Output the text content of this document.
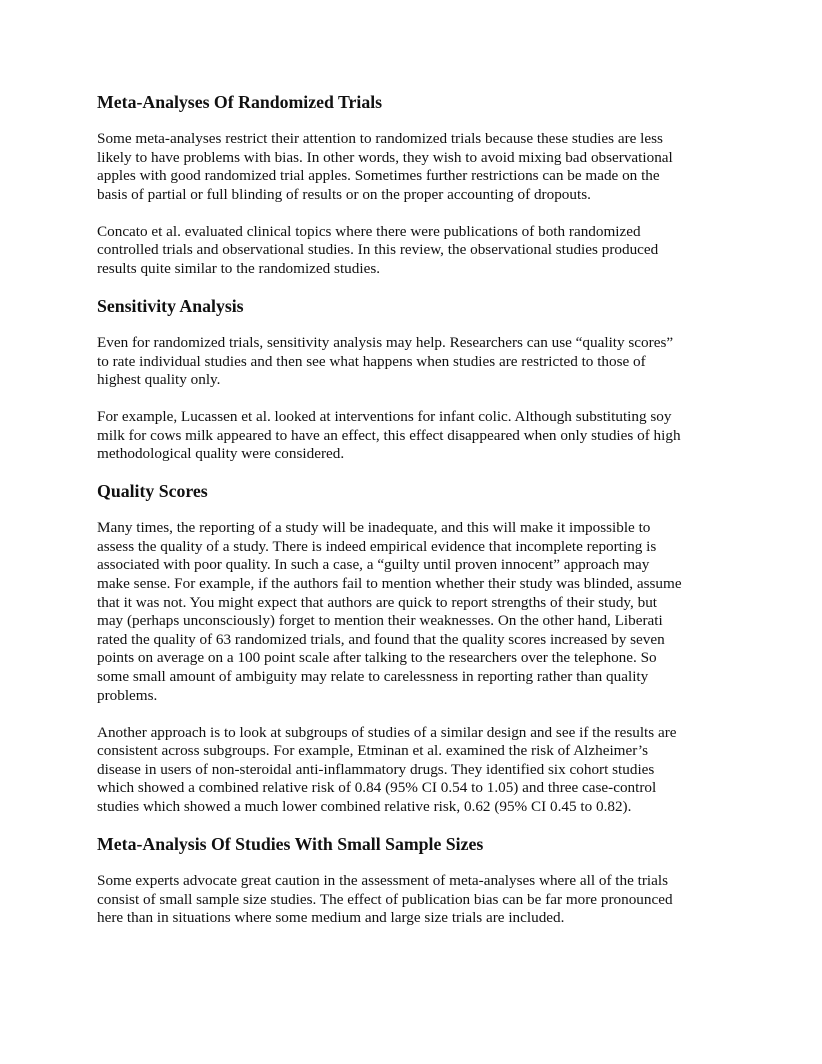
Meta-Analyses Of Randomized Trials

Some meta-analyses restrict their attention to randomized trials because these studies are less
likely to have problems with bias. In other words, they wish to avoid mixing bad observational
apples with good randomized trial apples. Sometimes further restrictions can be made on the
basis of partial or full blinding of results or on the proper accounting of dropouts.

Concato et al. evaluated clinical topics where there were publications of both randomized
controlled trials and observational studies. In this review, the observational studies produced
results quite similar to the randomized studies.

Sensitivity Analysis

Even for randomized trials, sensitivity analysis may help. Researchers can use “quality scores”
to rate individual studies and then see what happens when studies are restricted to those of
highest quality only.

For example, Lucassen et al. looked at interventions for infant colic. Although substituting soy
milk for cows milk appeared to have an effect, this effect disappeared when only studies of high
methodological quality were considered.

Quality Scores

Many times, the reporting of a study will be inadequate, and this will make it impossible to
assess the quality of a study. There is indeed empirical evidence that incomplete reporting is
associated with poor quality. In such a case, a “guilty until proven innocent” approach may
make sense. For example, if the authors fail to mention whether their study was blinded, assume
that it was not. You might expect that authors are quick to report strengths of their study, but
may (perhaps unconsciously) forget to mention their weaknesses. On the other hand, Liberati
rated the quality of 63 randomized trials, and found that the quality scores increased by seven
points on average on a 100 point scale after talking to the researchers over the telephone. So
some small amount of ambiguity may relate to carelessness in reporting rather than quality
problems.

Another approach is to look at subgroups of studies of a similar design and see if the results are
consistent across subgroups. For example, Etminan et al. examined the risk of Alzheimer’s
disease in users of non-steroidal anti-inflammatory drugs. They identified six cohort studies
which showed a combined relative risk of 0.84 (95% CI 0.54 to 1.05) and three case-control
studies which showed a much lower combined relative risk, 0.62 (95% CI 0.45 to 0.82).

Meta-Analysis Of Studies With Small Sample Sizes

Some experts advocate great caution in the assessment of meta-analyses where all of the trials
consist of small sample size studies. The effect of publication bias can be far more pronounced
here than in situations where some medium and large size trials are included.
